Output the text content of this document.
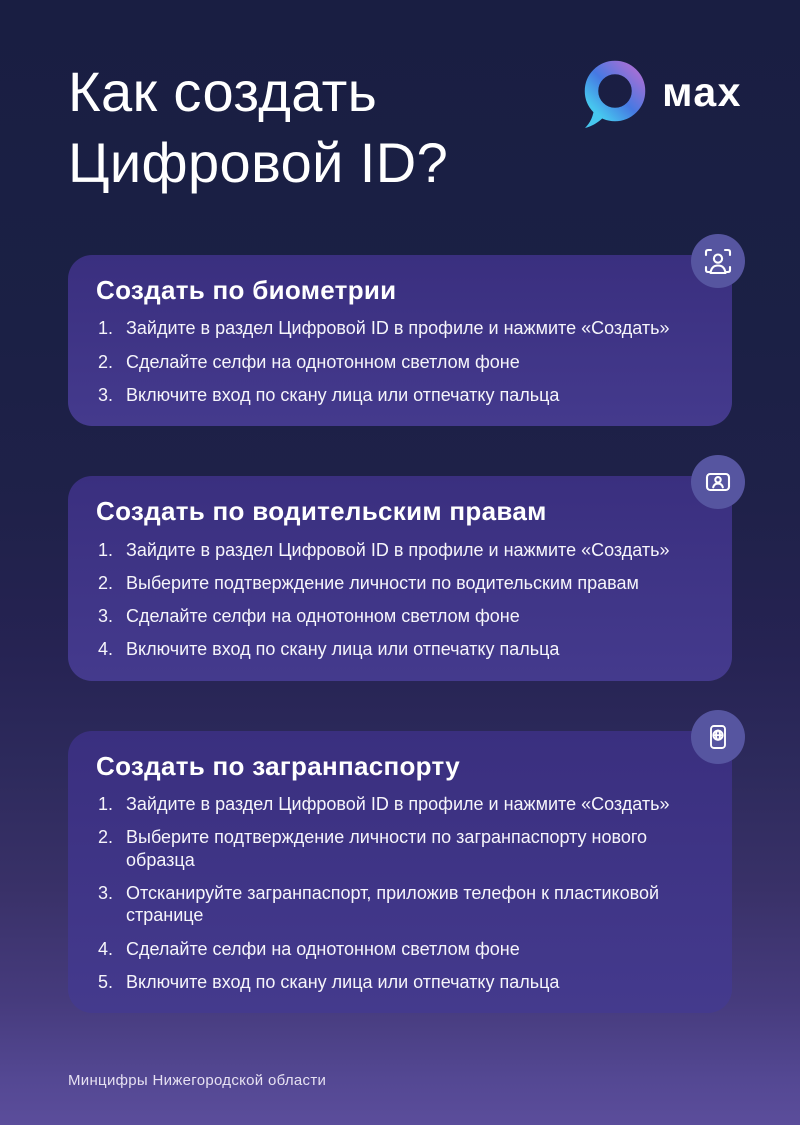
Как создать
Цифровой ID?
мах
Создать по биометрии
Зайдите в раздел Цифровой ID в профиле и нажмите «Создать»
Сделайте селфи на однотонном светлом фоне
Включите вход по скану лица или отпечатку пальца
Создать по водительским правам
Зайдите в раздел Цифровой ID в профиле и нажмите «Создать»
Выберите подтверждение личности по водительским правам
Сделайте селфи на однотонном светлом фоне
Включите вход по скану лица или отпечатку пальца
Создать по загранпаспорту
Зайдите в раздел Цифровой ID в профиле и нажмите «Создать»
Выберите подтверждение личности по загранпаспорту нового образца
Отсканируйте загранпаспорт, приложив телефон к пластиковой странице
Сделайте селфи на однотонном светлом фоне
Включите вход по скану лица или отпечатку пальца
Минцифры Нижегородской области
